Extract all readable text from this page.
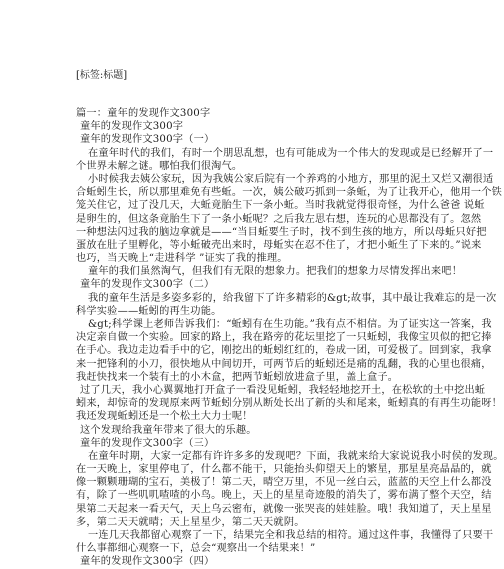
[标签:标题]
篇一：童年的发现作文300字
童年的发现作文300字
童年的发现作文300字（一）
在童年时代的我们，有时一个朋思乱想，也有可能成为一个伟大的发现或是已经解开了一
个世界未解之谜。哪怕我们很淘气。
小时候我去姨公家玩，因为我姨公家后院有一个养鸡的小地方，那里的泥土又烂又潮很适
合蚯蚓生长，所以那里难免有些蚯。一次，姨公破巧抓到一条蚯，为了让我开心，他用一个铁
笼关住它，过了没几天，大蚯竟胎生下一条小蚯。当时我就觉得很奇怪，为什么爸爸 说蚯
是卵生的，但这条竟胎生下了一条小蚯呢？之后我左思右想，连玩的心思都没有了。忽然
一种想法闪过我的脑边拿就是——“当目蚯要生子时，找不到生孩的地方，所以母蚯只好把
蛋放在肚子里孵化，等小蚯破壳出来时，母蚯实在忍不住了，才把小蚯生了下来的。”说来
也巧，当天晚上“走进科学 ”证实了我的推理。
童年的我们虽然淘气，但我们有无限的想象力。把我们的想象力尽情发挥出来吧！
童年的发现作文300字（二）
我的童年生活是多姿多彩的，给我留下了许多精彩的&gt;故事，其中最让我难忘的是一次
科学实验——蚯蚓的再生功能。
&gt;科学课上老师告诉我们：“蚯蚓有在生功能。”我有点不相信。为了证实这一答案，我
决定亲自做一个实验。回家的路上，我在路旁的花坛里挖了一只蚯蚓，我像宝贝似的把它捧
在手心。我边走边看手中的它，刚挖出的蚯蚓红红的，卷成一团，可爱极了。回到家，我拿
来一把锋利的小刀，很快地从中间切开，可两节后的蚯蚓还是痛的乱翻，我的心里也很痛，
我赶快找来一个装有土的小木盒，把两节蚯蚓放进盒子里，盖上盒子。
过了几天，我小心翼翼地打开盒子一看没见蚯蚓，我轻轻地挖开土，在松软的土中挖出蚯
蚓来，却惊奇的发现原来两节蚯蚓分别从断处长出了新的头和尾来，蚯蚓真的有再生功能呀！
我还发现蚯蚓还是一个松土大力士呢！
这个发现给我童年带来了很大的乐趣。
童年的发现作文300字（三）
在童年时期，大家一定都有许许多多的发现吧？下面，我就来给大家说说我小时侯的发现。
在一天晚上，家里停电了，什么都不能干，只能抬头仰望天上的繁星，那星星亮晶晶的，就
像一颗颗珊瑚的宝石，美极了！第二天，晴空万里，不见一丝白云，蓝蓝的天空上什么都没
有，除了一些叽叽喳喳的小鸟。晚上，天上的星星奇迹般的消失了，雾布满了整个天空，结
果第二天起来一看天气，天上乌云密布，就像一张哭丧的娃娃脸。哦！我知道了，天上星星
多，第二天天就晴；天上星星少，第二天天就阴。
一连几天我都留心观察了一下，结果完全和我总结的相符。通过这件事，我懂得了只要干
什么事都细心观察一下，总会“观察出一个结果来！”
童年的发现作文300字（四）
